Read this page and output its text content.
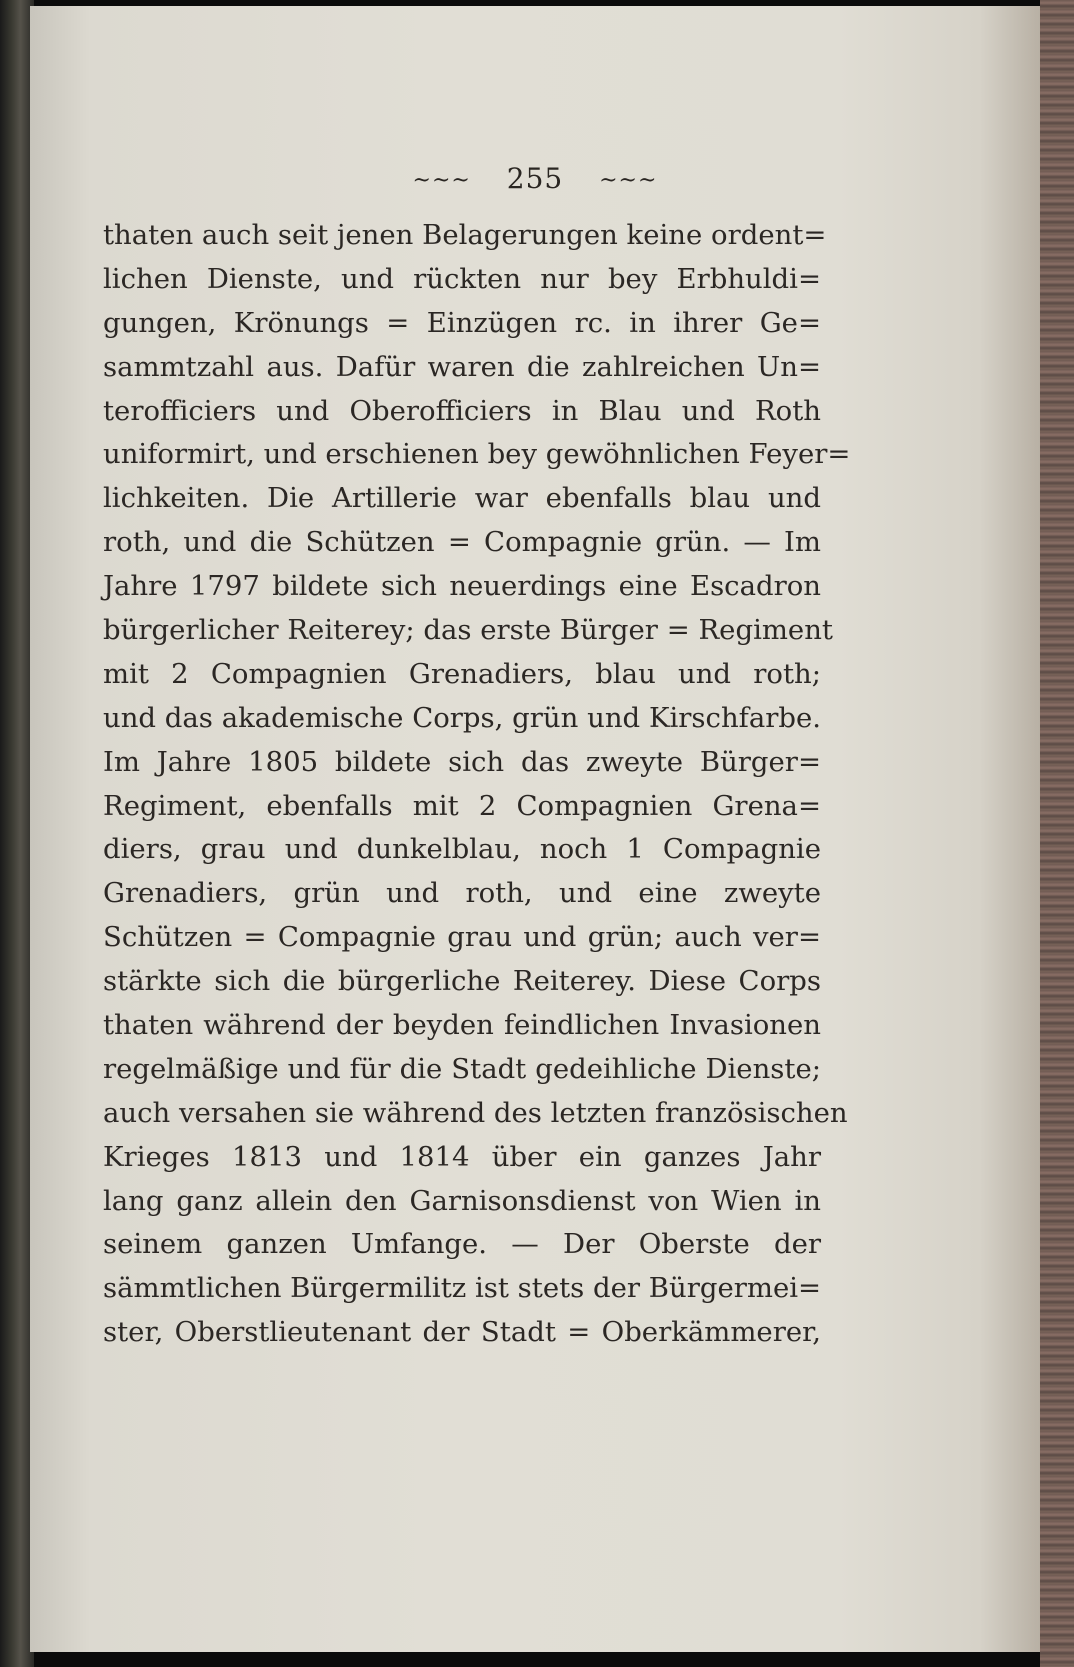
~~~ 255 ~~~
thaten auch seit jenen Belagerungen keine ordent=
lichen Dienste, und rückten nur bey Erbhuldi=
gungen, Krönungs = Einzügen rc. in ihrer Ge=
sammtzahl aus. Dafür waren die zahlreichen Un=
terofficiers und Oberofficiers in Blau und Roth
uniformirt, und erschienen bey gewöhnlichen Feyer=
lichkeiten. Die Artillerie war ebenfalls blau und
roth, und die Schützen = Compagnie grün. — Im
Jahre 1797 bildete sich neuerdings eine Escadron
bürgerlicher Reiterey; das erste Bürger = Regiment
mit 2 Compagnien Grenadiers, blau und roth;
und das akademische Corps, grün und Kirschfarbe.
Im Jahre 1805 bildete sich das zweyte Bürger=
Regiment, ebenfalls mit 2 Compagnien Grena=
diers, grau und dunkelblau, noch 1 Compagnie
Grenadiers, grün und roth, und eine zweyte
Schützen = Compagnie grau und grün; auch ver=
stärkte sich die bürgerliche Reiterey. Diese Corps
thaten während der beyden feindlichen Invasionen
regelmäßige und für die Stadt gedeihliche Dienste;
auch versahen sie während des letzten französischen
Krieges 1813 und 1814 über ein ganzes Jahr
lang ganz allein den Garnisonsdienst von Wien in
seinem ganzen Umfange. — Der Oberste der
sämmtlichen Bürgermilitz ist stets der Bürgermei=
ster, Oberstlieutenant der Stadt = Oberkämmerer,
